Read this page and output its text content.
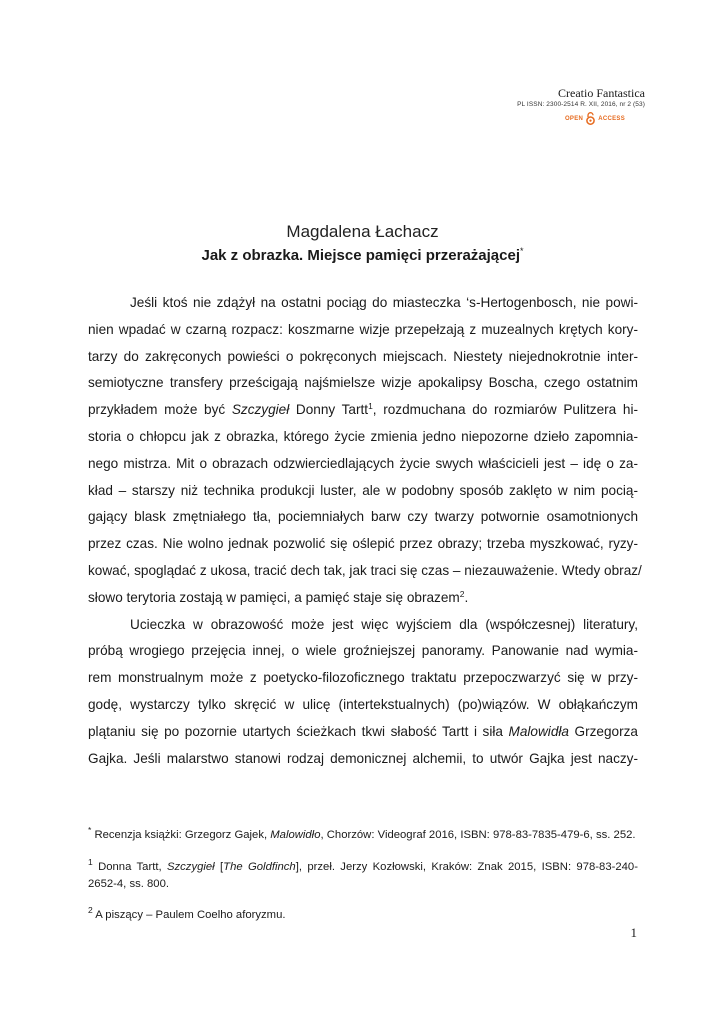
Creatio Fantastica
PL ISSN: 2300-2514 R. XII, 2016, nr 2 (53)
OPEN	ACCESS
Magdalena Łachacz
Jak z obrazka. Miejsce pamięci przerażającej*
Jeśli ktoś nie zdążył na ostatni pociąg do miasteczka ‘s-Hertogenbosch, nie powi-
nien wpadać w czarną rozpacz: koszmarne wizje przepełzają z muzealnych krętych kory-
tarzy do zakręconych powieści o pokręconych miejscach. Niestety niejednokrotnie inter-
semiotyczne transfery prześcigają najśmielsze wizje apokalipsy Boscha, czego ostatnim
przykładem może być Szczygieł Donny Tartt$^1$, rozdmuchana do rozmiarów Pulitzera hi-
storia o chłopcu jak z obrazka, którego życie zmienia jedno niepozorne dzieło zapomnia-
nego mistrza. Mit o obrazach odzwierciedlających życie swych właścicieli jest – idę o za-
kład – starszy niż technika produkcji luster, ale w podobny sposób zaklęto w nim pocią-
gający blask zmętniałego tła, pociemniałych barw czy twarzy potwornie osamotnionych
przez czas. Nie wolno jednak pozwolić się oślepić przez obrazy; trzeba myszkować, ryzy-
kować, spoglądać z ukosa, tracić dech tak, jak traci się czas – niezauważenie. Wtedy obraz/
słowo terytoria zostają w pamięci, a pamięć staje się obrazem$^2$.
Ucieczka w obrazowość może jest więc wyjściem dla (współczesnej) literatury,
próbą wrogiego przejęcia innej, o wiele groźniejszej panoramy. Panowanie nad wymia-
rem monstrualnym może z poetycko-filozoficznego traktatu przepoczwarzyć się w przy-
godę, wystarczy tylko skręcić w ulicę (intertekstualnych) (po)wiązów. W obłąkańczym
plątaniu się po pozornie utartych ścieżkach tkwi słabość Tartt i siła Malowidła Grzegorza
Gajka. Jeśli malarstwo stanowi rodzaj demonicznej alchemii, to utwór Gajka jest naczy-
* Recenzja książki: Grzegorz Gajek, Malowidło, Chorzów: Videograf 2016, ISBN: 978-83-7835-479-6, ss. 252.
$^1$ Donna Tartt, Szczygieł [The Goldfinch], przeł. Jerzy Kozłowski, Kraków: Znak 2015, ISBN: 978-83-240-
2652-4, ss. 800.
$^2$ A piszący – Paulem Coelho aforyzmu.
1
